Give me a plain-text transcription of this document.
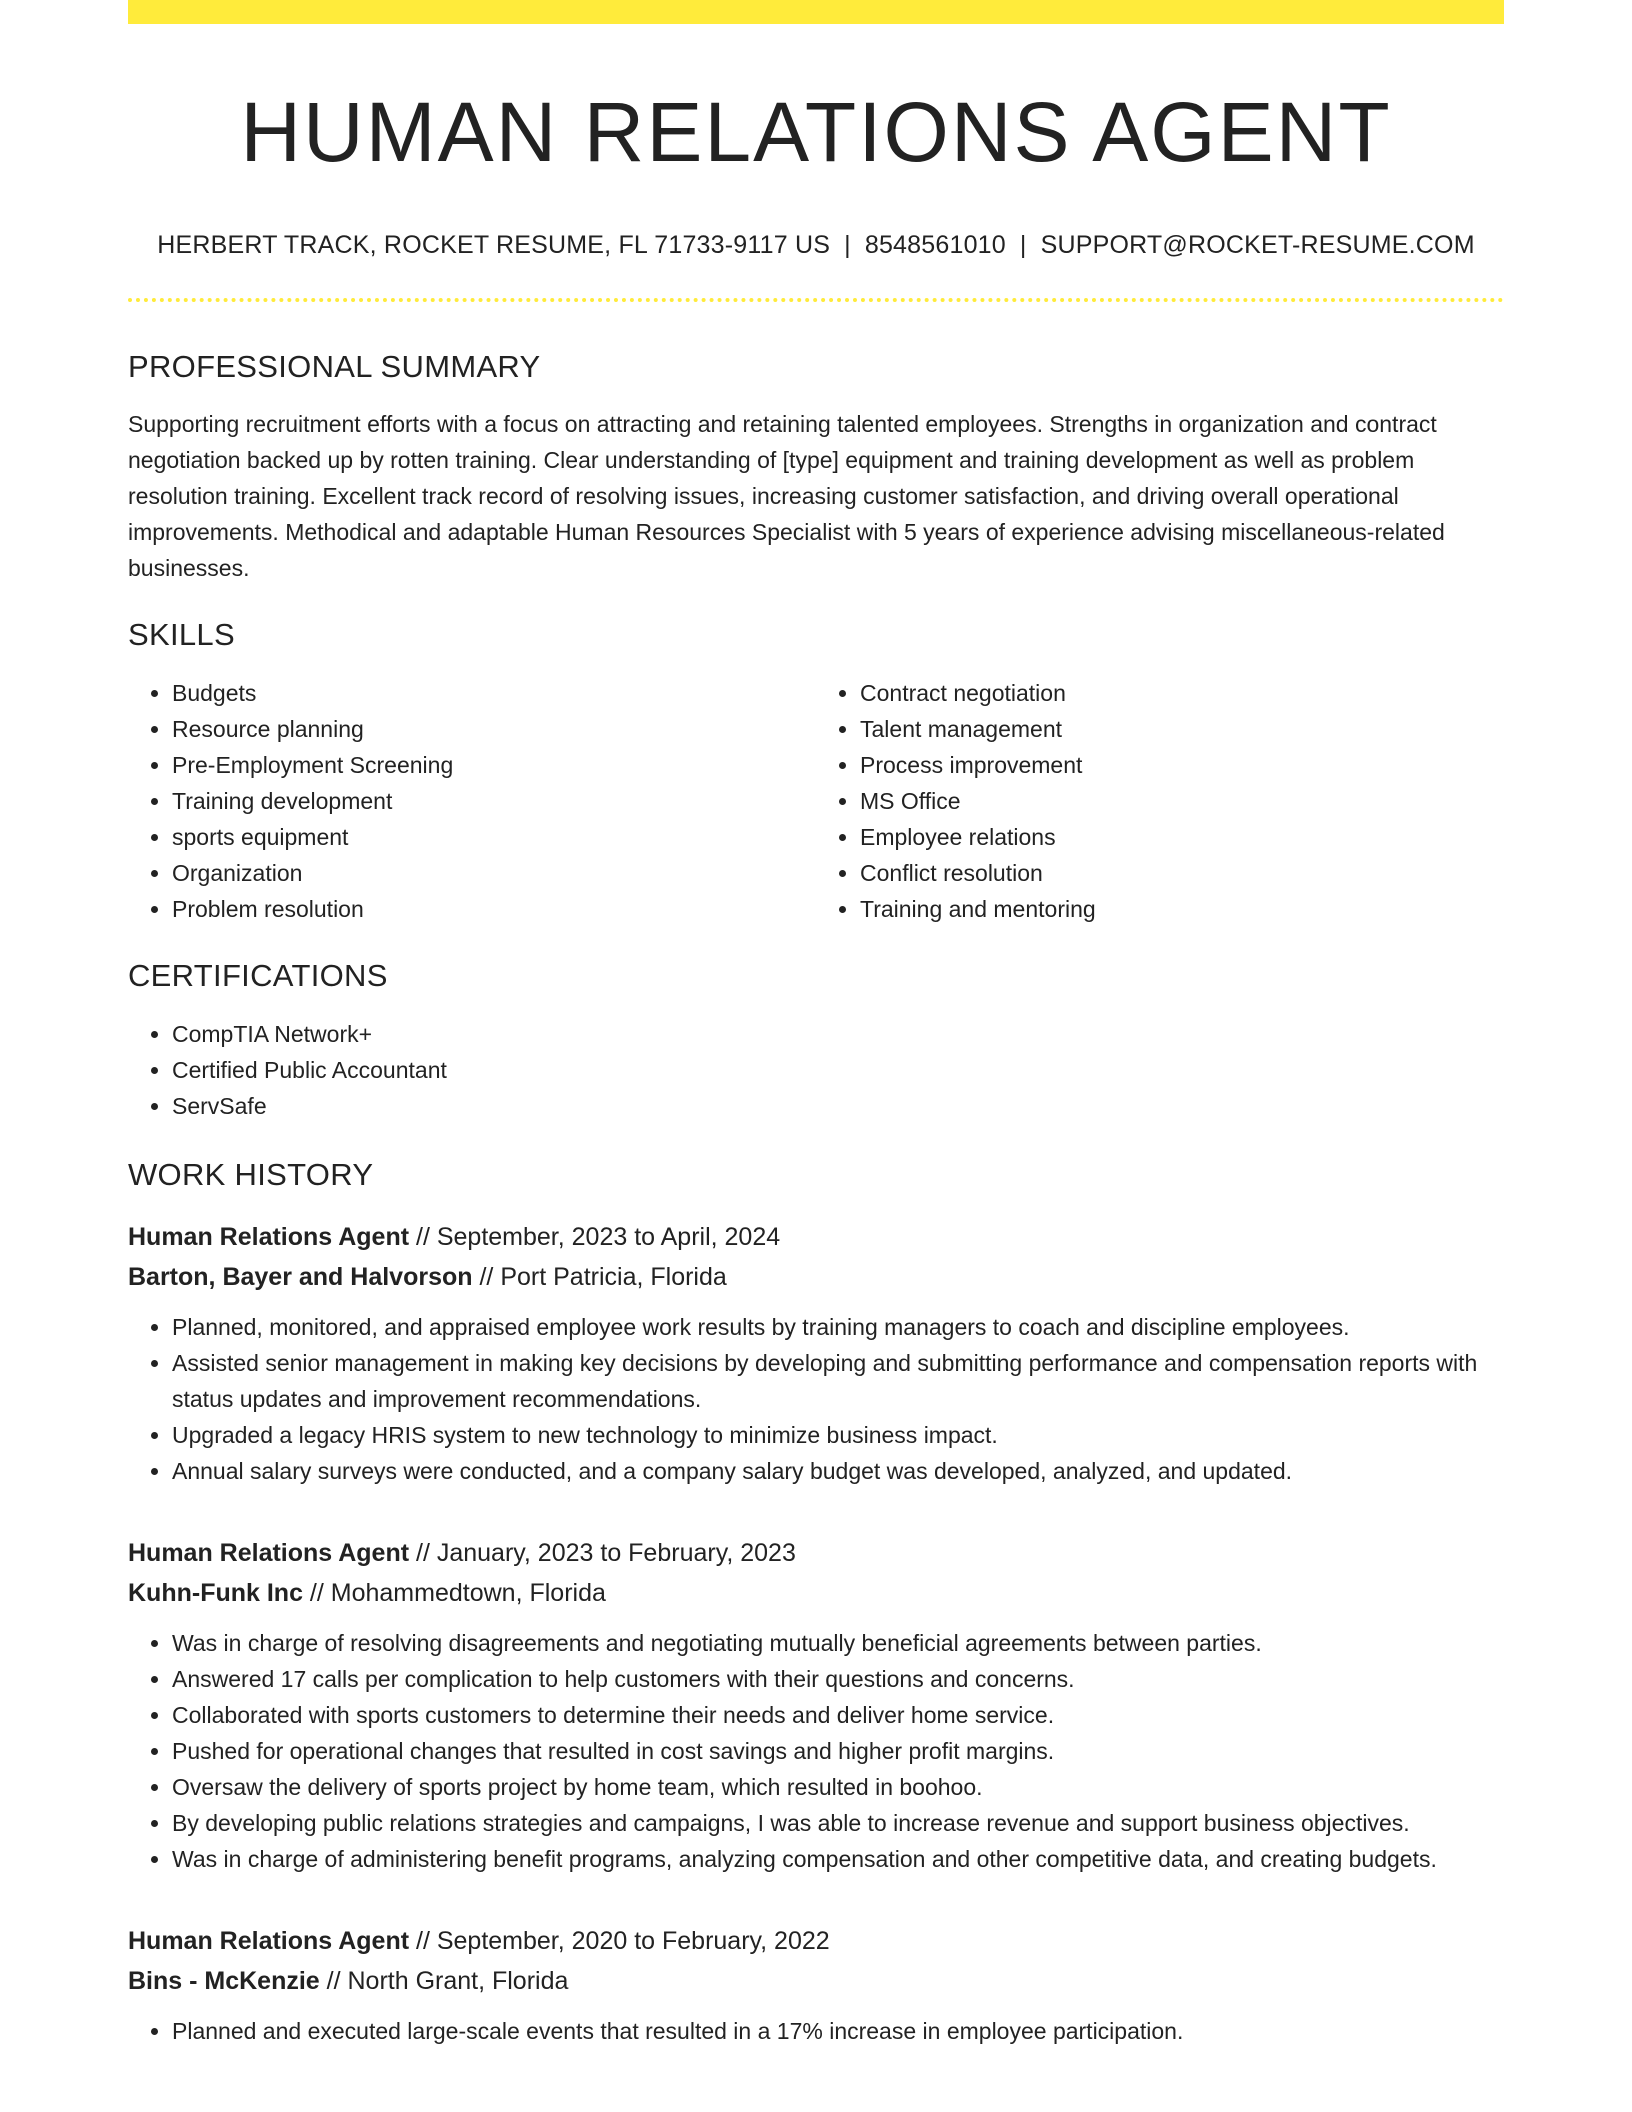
HUMAN RELATIONS AGENT
HERBERT TRACK, ROCKET RESUME, FL 71733-9117 US | 8548561010 | SUPPORT@ROCKET-RESUME.COM
PROFESSIONAL SUMMARY

Supporting recruitment efforts with a focus on attracting and retaining talented employees. Strengths in organization and contract negotiation backed up by rotten training. Clear understanding of [type] equipment and training development as well as problem resolution training. Excellent track record of resolving issues, increasing customer satisfaction, and driving overall operational improvements. Methodical and adaptable Human Resources Specialist with 5 years of experience advising miscellaneous-related businesses.

SKILLS
• Budgets
• Resource planning
• Pre-Employment Screening
• Training development
• sports equipment
• Organization
• Problem resolution
• Contract negotiation
• Talent management
• Process improvement
• MS Office
• Employee relations
• Conflict resolution
• Training and mentoring
CERTIFICATIONS
• CompTIA Network+
• Certified Public Accountant
• ServSafe
WORK HISTORY
Human Relations Agent // September, 2023 to April, 2024
Barton, Bayer and Halvorson // Port Patricia, Florida
• Planned, monitored, and appraised employee work results by training managers to coach and discipline employees.
• Assisted senior management in making key decisions by developing and submitting performance and compensation reports with status updates and improvement recommendations.
• Upgraded a legacy HRIS system to new technology to minimize business impact.
• Annual salary surveys were conducted, and a company salary budget was developed, analyzed, and updated.
Human Relations Agent // January, 2023 to February, 2023
Kuhn-Funk Inc // Mohammedtown, Florida
• Was in charge of resolving disagreements and negotiating mutually beneficial agreements between parties.
• Answered 17 calls per complication to help customers with their questions and concerns.
• Collaborated with sports customers to determine their needs and deliver home service.
• Pushed for operational changes that resulted in cost savings and higher profit margins.
• Oversaw the delivery of sports project by home team, which resulted in boohoo.
• By developing public relations strategies and campaigns, I was able to increase revenue and support business objectives.
• Was in charge of administering benefit programs, analyzing compensation and other competitive data, and creating budgets.
Human Relations Agent // September, 2020 to February, 2022
Bins - McKenzie // North Grant, Florida
• Planned and executed large-scale events that resulted in a 17% increase in employee participation.
